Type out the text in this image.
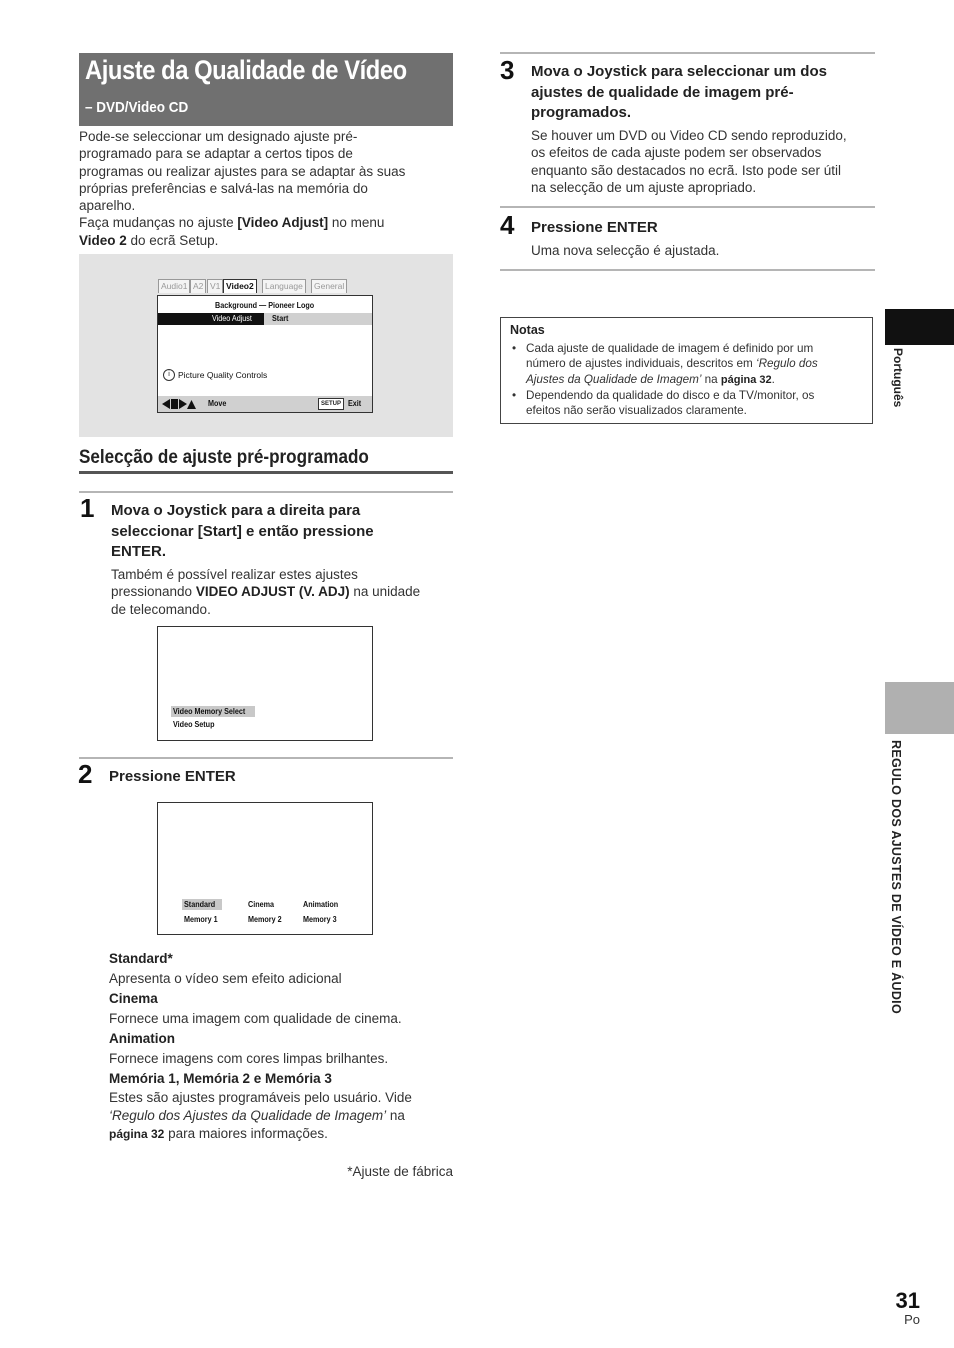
Ajuste da Qualidade de Vídeo
– DVD/Video CD
Pode-se seleccionar um designado ajuste pré-
programado para se adaptar a certos tipos de
programas ou realizar ajustes para se adaptar às suas
próprias preferências e salvá-las na memória do
aparelho.
Faça mudanças no ajuste [Video Adjust] no menu
Video 2 do ecrã Setup.
Audio1 A2 V1 Video2	Language	General
Background — Pioneer Logo
Video Adjust	Start
i Picture Quality Controls
Move	SETUP Exit
Selecção de ajuste pré-programado
1 Mova o Joystick para a direita para
seleccionar [Start] e então pressione
ENTER.
Também é possível realizar estes ajustes
pressionando VIDEO ADJUST (V. ADJ) na unidade
de telecomando.
Video Memory Select
Video Setup
2 Pressione ENTER
Standard	Cinema	Animation
Memory 1	Memory 2	Memory 3
Standard*
Apresenta o vídeo sem efeito adicional
Cinema
Fornece uma imagem com qualidade de cinema.
Animation
Fornece imagens com cores limpas brilhantes.
Memória 1, Memória 2 e Memória 3
Estes são ajustes programáveis pelo usuário. Vide
‘Regulo dos Ajustes da Qualidade de Imagem’ na
página 32 para maiores informações.
*Ajuste de fábrica
3 Mova o Joystick para seleccionar um dos
ajustes de qualidade de imagem pré-
programados.
Se houver um DVD ou Video CD sendo reproduzido,
os efeitos de cada ajuste podem ser observados
enquanto são destacados no ecrã. Isto pode ser útil
na selecção de um ajuste apropriado.
4 Pressione ENTER
Uma nova selecção é ajustada.
Notas
• Cada ajuste de qualidade de imagem é definido por um
número de ajustes individuais, descritos em ‘Regulo dos
Ajustes da Qualidade de Imagem’ na página 32.
• Dependendo da qualidade do disco e da TV/monitor, os
efeitos não serão visualizados claramente.
Português
REGULO DOS AJUSTES DE VÍDEO E ÁUDIO
31
Po
